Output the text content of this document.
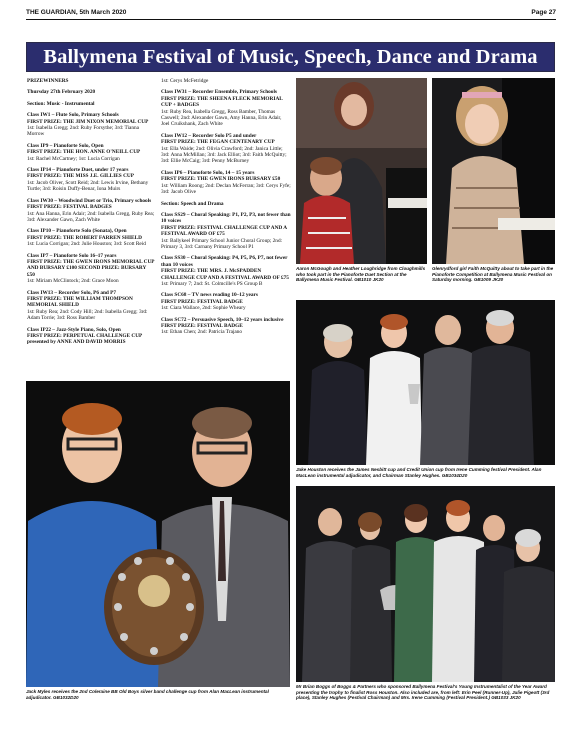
THE GUARDIAN, 5th March 2020	Page 27
Ballymena Festival of Music, Speech, Dance and Drama

PRIZEWINNERS

Thursday 27th February 2020

Section: Music - Instrumental

Class IW1 – Flute Solo, Primary Schools

FIRST PRIZE: THE JIM NIXON MEMORIAL CUP

1st: Isabella Gregg; 2nd: Ruby Forsythe; 3rd: Tianna Morrow

Class IP9 – Pianoforte Solo, Open

FIRST PRIZE: THE HON. ANNE O'NEILL CUP

1st: Rachel McCartney; 1st: Lucia Corrigan

Class IP14 – Pianoforte Duet, under 17 years

FIRST PRIZE: THE MISS J.E. GILLIES CUP

1st: Jacob Oliver, Scott Reid; 2nd: Lewis Irvine, Bethany Turtle; 3rd: Roisin Duffy-Benar, Iona Muirs

Class IW30 – Woodwind Duet or Trio, Primary schools

FIRST PRIZE: FESTIVAL BADGES

1st: Ana Hanna, Erin Adair; 2nd: Isabella Gregg, Ruby Rea; 3rd: Alexander Gawn, Zach White

Class IP10 – Pianoforte Solo (Sonata), Open

FIRST PRIZE: THE ROBERT FARREN SHIELD

1st: Lucia Corrigan; 2nd: Julie Houston; 3rd: Scott Reid

Class IP7 – Pianoforte Solo 16–17 years

FIRST PRIZE: THE GWEN IRONS MEMORIAL CUP AND BURSARY £100 SECOND PRIZE: BURSARY £50

1st: Miriam McClintock; 2nd: Grace Moon

Class IW13 – Recorder Solo, P6 and P7

FIRST PRIZE: THE WILLIAM THOMPSON MEMORIAL SHIELD

1st: Ruby Rea; 2nd: Cody Hill; 2nd: Isabella Gregg; 3rd: Adam Torrie; 3rd: Ross Bamber

Class IP22 – Jazz-Style Piano, Solo, Open

FIRST PRIZE: PERPETUAL CHALLENGE CUP presented by ANNE AND DAVID MORRIS

1st: Cerys McFetridge

Class IW31 – Recorder Ensemble, Primary Schools

FIRST PRIZE: THE SHEENA FLECK MEMORIAL CUP + BADGES

1st: Ruby Rea, Isabella Gregg, Ross Bamber, Thomas Caswell; 2nd: Alexander Gawn, Amy Hanna, Erin Adair, Joel Cruikshank, Zach White

Class IW12 – Recorder Solo P5 and under

FIRST PRIZE: THE FEGAN CENTENARY CUP

1st: Ella Waide; 2nd: Olivia Crawford; 2nd: Janica Little; 3rd: Anna McMillan; 3rd: Jack Elliot; 3rd: Faith McQuitty; 3rd: Ellie McCaig; 3rd: Penny McBurney

Class IP6 – Pianoforte Solo, 14 – 15 years

FIRST PRIZE: THE GWEN IRONS BURSARY £50

1st: William Roong; 2nd: Declan McFerran; 3rd: Cerys Fyfe; 3rd: Jacob Olive

Section: Speech and Drama

Class SS29 – Choral Speaking: P1, P2, P3, not fewer than 10 voices

FIRST PRIZE: FESTIVAL CHALLENGE CUP AND A FESTIVAL AWARD OF £75

1st: Ballykeel Primary School Junior Choral Group; 2nd: Primary 3, 3rd: Carnany Primary School P1

Class SS30 – Choral Speaking: P4, P5, P6, P7, not fewer than 10 voices

FIRST PRIZE: THE MRS. J. McSPADDEN CHALLENGE CUP AND A FESTIVAL AWARD OF £75

1st: Primary 7; 2nd: St. Colmcille's PS Group B

Class SC68 – TV news reading 10–12 years

FIRST PRIZE: FESTIVAL BADGE

1st: Ciara Wallace, 2nd: Sophie Wheary

Class SC72 – Persuasive Speech, 10–12 years inclusive

FIRST PRIZE: FESTIVAL BADGE

1st: Ethan Chen; 2nd: Patricia Trajano

Aaron McGough and Heather Loughridge from Cloughmills who took part in the Pianoforte Duet Section at the Ballymena Music Festival. GB1010 JK20
Glenrydford girl Faith McQuitty about to take part in the Pianoforte Competition at Ballymena Music Festival on Saturday morning. GB1009 JK20
Jake Houston receives the James Nesbitt cup and Credit Union cup from Irene Cumming festival President. Alan MacLean instrumental adjudicator, and Chairman Stanley Hughes. GB1034D20
Mr Brian Boggs of Boggs & Partners who sponsored Ballymena Festival's Young Instrumentalist of the Year Award presenting the trophy to finalist Ross Houston. Also included are, from left: Erin Peel (Runner-Up), Julie Pigeott (3rd place), Stanley Hughes (Festival Chairman) and Mrs. Irene Cumming (Festival President.) GB1033 JK20
Jack Myles receives the 2nd Coleraine BB Old Boys silver band challenge cup from Alan MacLean instrumental adjudicator. GB1032D20
